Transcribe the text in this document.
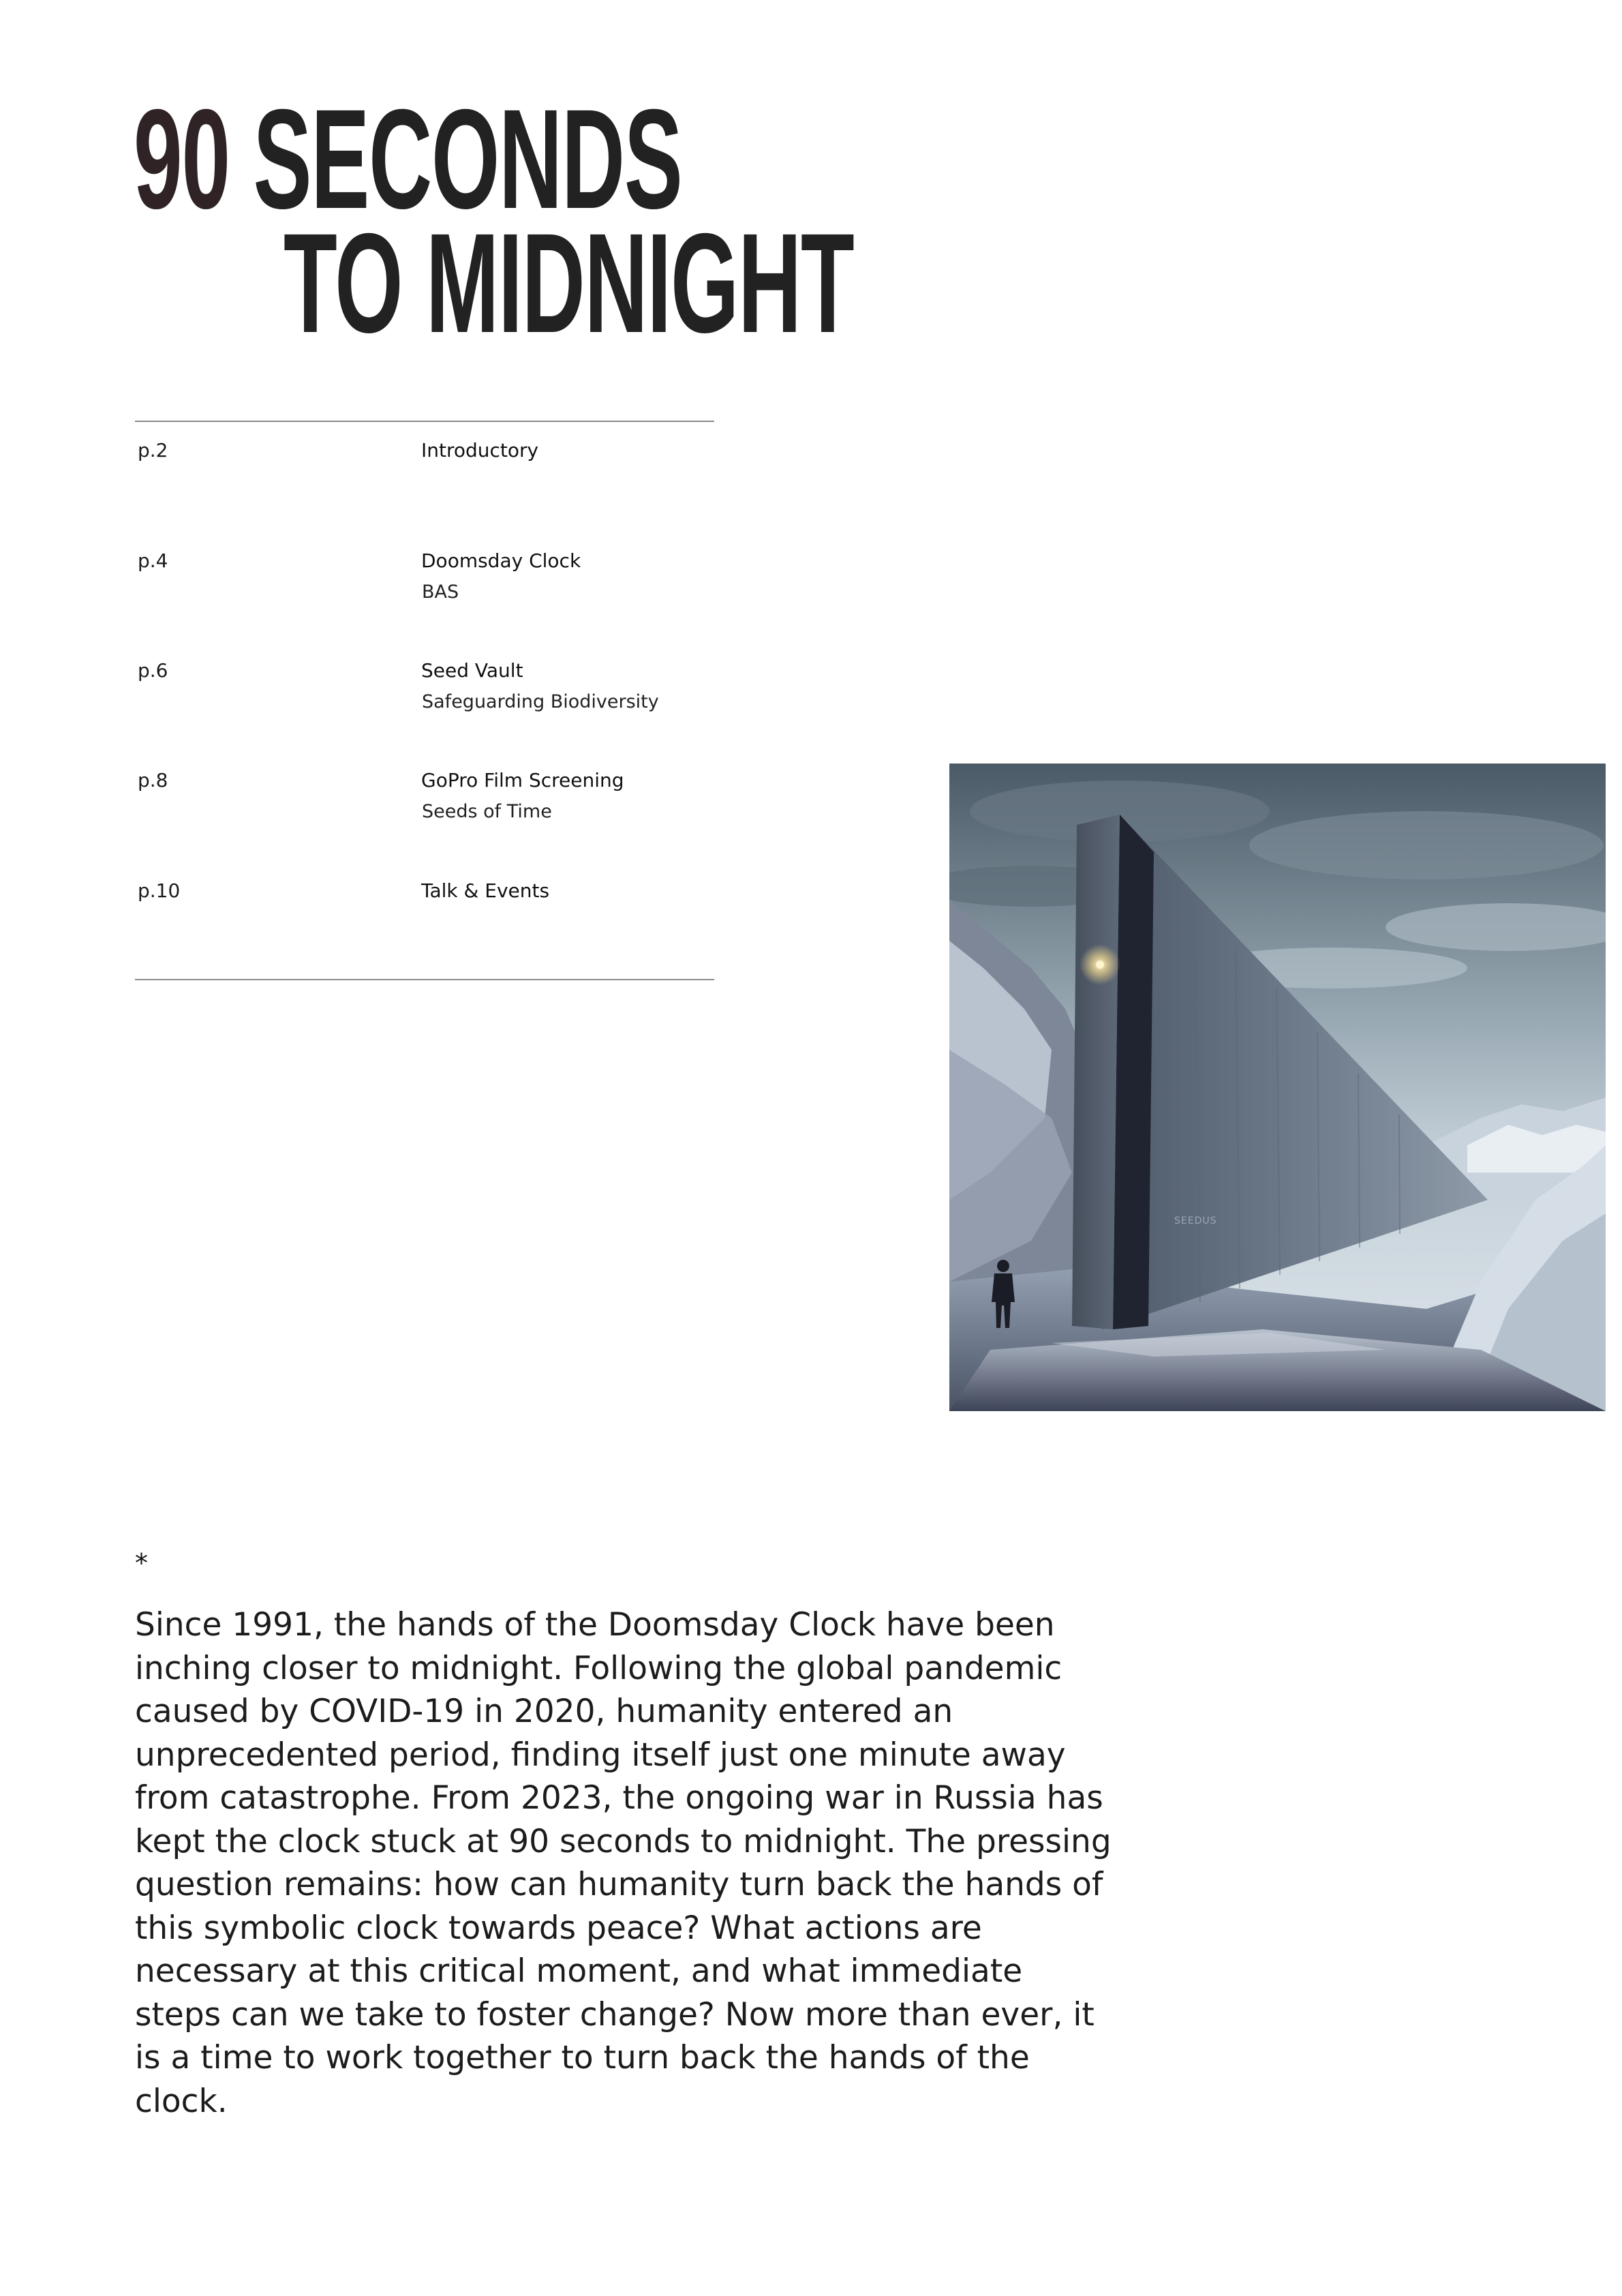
90 SECONDS
TO MIDNIGHT
p.2	Introductory
p.4	Doomsday Clock
BAS
p.6	Seed Vault
Safeguarding Biodiversity
p.8	GoPro Film Screening
Seeds of Time
p.10	Talk & Events
SEEDUS
*

Since 1991, the hands of the Doomsday Clock have been inching closer to midnight. Following the global pandemic caused by COVID-19 in 2020, humanity entered an unprecedented period, finding itself just one minute away from catastrophe. From 2023, the ongoing war in Russia has kept the clock stuck at 90 seconds to midnight. The pressing question remains: how can humanity turn back the hands of this symbolic clock towards peace? What actions are necessary at this critical moment, and what immediate steps can we take to foster change? Now more than ever, it is a time to work together to turn back the hands of the clock.
